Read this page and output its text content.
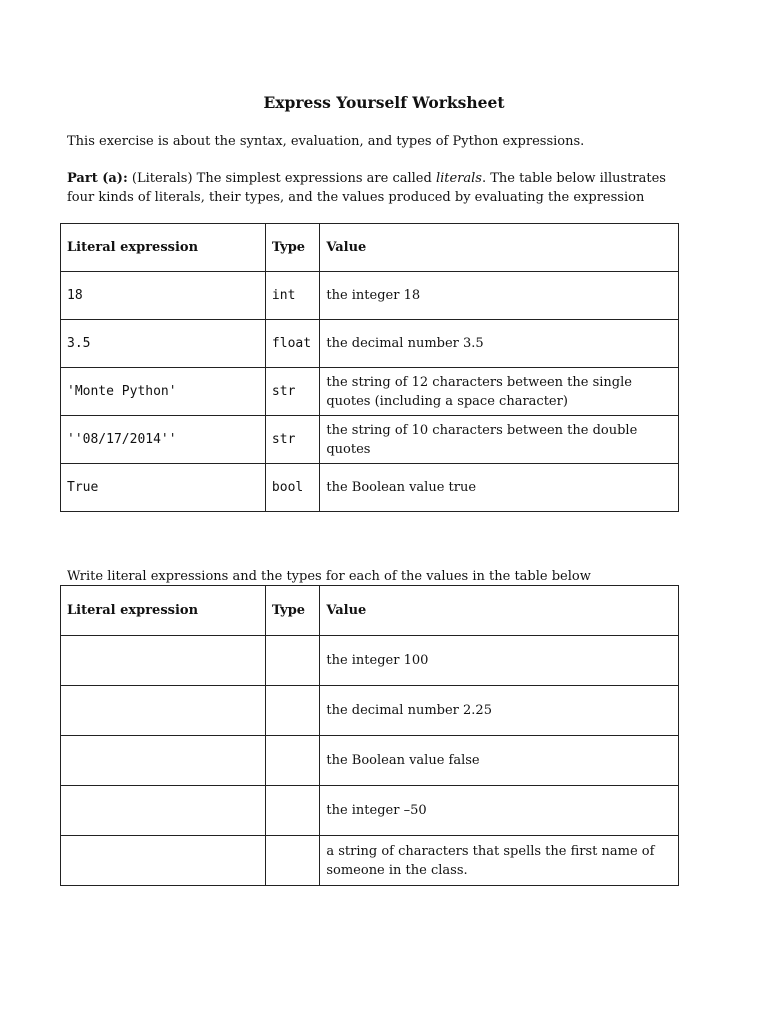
Express Yourself Worksheet
This exercise is about the syntax, evaluation, and types of Python expressions.
Part (a): (Literals) The simplest expressions are called literals. The table below illustrates four kinds of literals, their types, and the values produced by evaluating the expression
Literal expression	Type	Value
18	int	the integer 18
3.5	float	the decimal number 3.5
'Monte Python'	str	the string of 12 characters between the single quotes (including a space character)
''08/17/2014''	str	the string of 10 characters between the double quotes
True	bool	the Boolean value true
Write literal expressions and the types for each of the values in the table below
Literal expression	Type	Value
		the integer 100
		the decimal number 2.25
		the Boolean value false
		the integer –50
		a string of characters that spells the first name of someone in the class.
